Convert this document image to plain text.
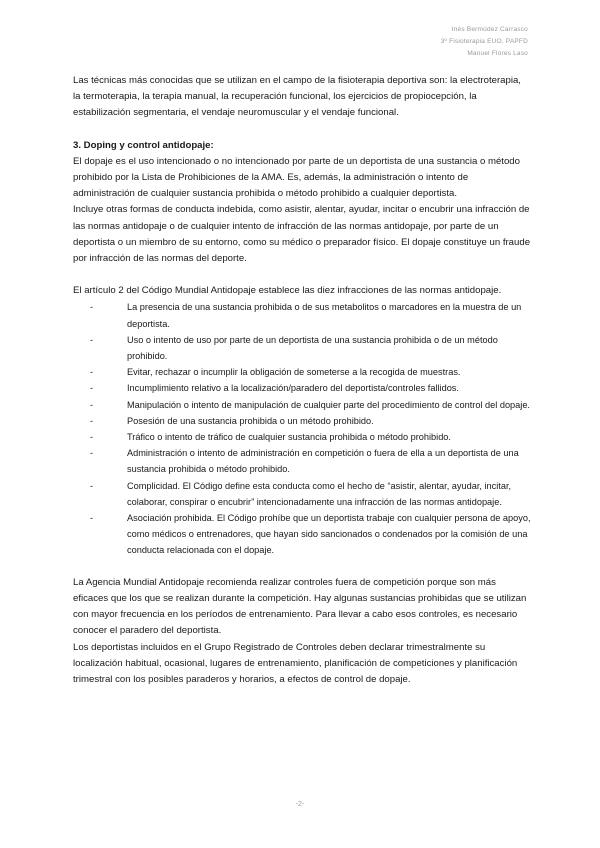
Inés Bermúdez Carrasco
3º Fisioterapia EUO, PAPFD
Manuel Flores Laso

Las técnicas más conocidas que se utilizan en el campo de la fisioterapia deportiva son: la electroterapia, la termoterapia, la terapia manual, la recuperación funcional, los ejercicios de propiocepción, la estabilización segmentaria, el vendaje neuromuscular y el vendaje funcional.

3. Doping y control antidopaje:

El dopaje es el uso intencionado o no intencionado por parte de un deportista de una sustancia o método prohibido por la Lista de Prohibiciones de la AMA. Es, además, la administración o intento de administración de cualquier sustancia prohibida o método prohibido a cualquier deportista.

Incluye otras formas de conducta indebida, como asistir, alentar, ayudar, incitar o encubrir una infracción de las normas antidopaje o de cualquier intento de infracción de las normas antidopaje, por parte de un deportista o un miembro de su entorno, como su médico o preparador físico. El dopaje constituye un fraude por infracción de las normas del deporte.

El artículo 2 del Código Mundial Antidopaje establece las diez infracciones de las normas antidopaje.

-	La presencia de una sustancia prohibida o de sus metabolitos o marcadores en la muestra de un deportista.
-	Uso o intento de uso por parte de un deportista de una sustancia prohibida o de un método prohibido.
-	Evitar, rechazar o incumplir la obligación de someterse a la recogida de muestras.
-	Incumplimiento relativo a la localización/paradero del deportista/controles fallidos.
-	Manipulación o intento de manipulación de cualquier parte del procedimiento de control del dopaje.
-	Posesión de una sustancia prohibida o un método prohibido.
-	Tráfico o intento de tráfico de cualquier sustancia prohibida o método prohibido.
-	Administración o intento de administración en competición o fuera de ella a un deportista de una sustancia prohibida o método prohibido.
-	Complicidad. El Código define esta conducta como el hecho de “asistir, alentar, ayudar, incitar, colaborar, conspirar o encubrir” intencionadamente una infracción de las normas antidopaje.
-	Asociación prohibida. El Código prohíbe que un deportista trabaje con cualquier persona de apoyo, como médicos o entrenadores, que hayan sido sancionados o condenados por la comisión de una conducta relacionada con el dopaje.

La Agencia Mundial Antidopaje recomienda realizar controles fuera de competición porque son más eficaces que los que se realizan durante la competición. Hay algunas sustancias prohibidas que se utilizan con mayor frecuencia en los períodos de entrenamiento. Para llevar a cabo esos controles, es necesario conocer el paradero del deportista.

Los deportistas incluidos en el Grupo Registrado de Controles deben declarar trimestralmente su localización habitual, ocasional, lugares de entrenamiento, planificación de competiciones y planificación trimestral con los posibles paraderos y horarios, a efectos de control de dopaje.

-2-
